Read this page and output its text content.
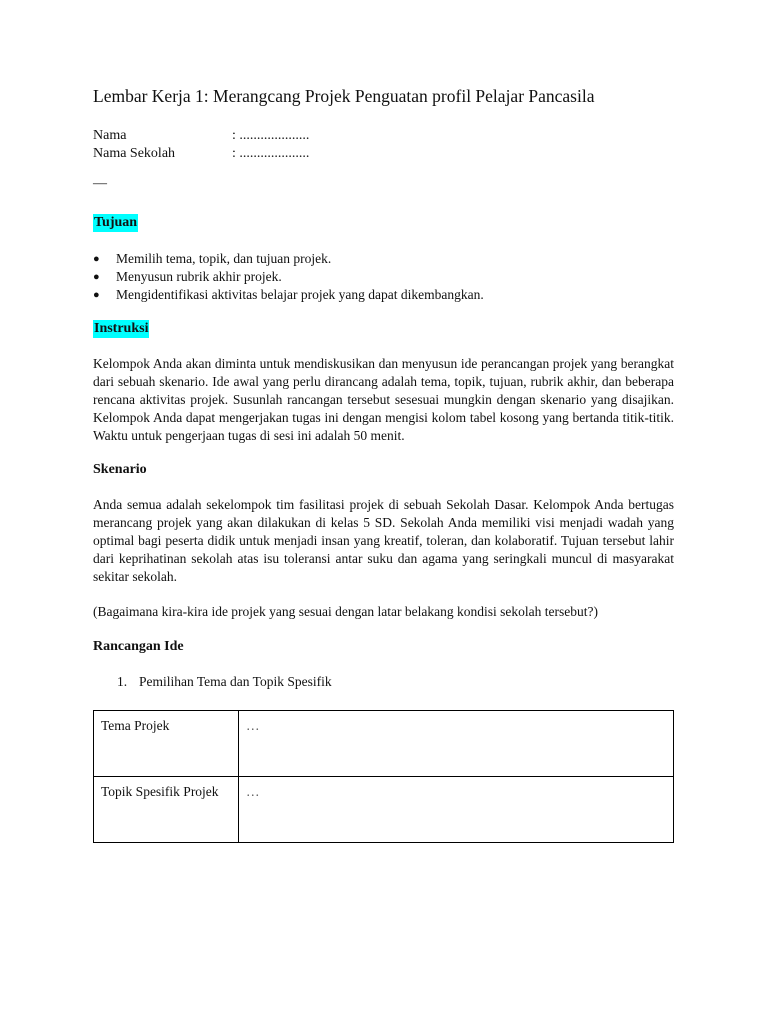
Lembar Kerja 1: Merangcang Projek Penguatan profil Pelajar Pancasila
Nama	: ....................
Nama Sekolah	: ....................
—
Tujuan
● Memilih tema, topik, dan tujuan projek.
● Menyusun rubrik akhir projek.
● Mengidentifikasi aktivitas belajar projek yang dapat dikembangkan.
Instruksi

Kelompok Anda akan diminta untuk mendiskusikan dan menyusun ide perancangan projek yang berangkat dari sebuah skenario. Ide awal yang perlu dirancang adalah tema, topik, tujuan, rubrik akhir, dan beberapa rencana aktivitas projek. Susunlah rancangan tersebut sesesuai mungkin dengan skenario yang disajikan. Kelompok Anda dapat mengerjakan tugas ini dengan mengisi kolom tabel kosong yang bertanda titik-titik. Waktu untuk pengerjaan tugas di sesi ini adalah 50 menit.

Skenario

Anda semua adalah sekelompok tim fasilitasi projek di sebuah Sekolah Dasar. Kelompok Anda bertugas merancang projek yang akan dilakukan di kelas 5 SD. Sekolah Anda memiliki visi menjadi wadah yang optimal bagi peserta didik untuk menjadi insan yang kreatif, toleran, dan kolaboratif. Tujuan tersebut lahir dari keprihatinan sekolah atas isu toleransi antar suku dan agama yang seringkali muncul di masyarakat sekitar sekolah.

(Bagaimana kira-kira ide projek yang sesuai dengan latar belakang kondisi sekolah tersebut?)
Rancangan Ide
1. Pemilihan Tema dan Topik Spesifik
Tema Projek	…
Topik Spesifik Projek	…
